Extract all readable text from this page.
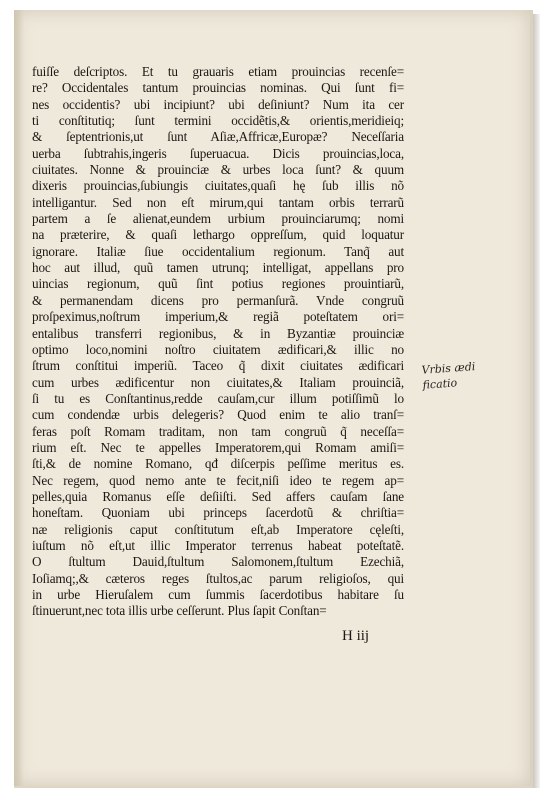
fuiſſe deſcriptos. Et tu grauaris etiam prouincias recenſe=
re? Occidentales tantum prouincias nominas. Qui ſunt fi=
nes occidentis? ubi incipiunt? ubi deſiniunt? Num ita cer
ti conſtitutiq; ſunt termini occidẽtis,& orientis,meridieiq;
& ſeptentrionis,ut ſunt Aſiæ,Affricæ,Europæ? Neceſſaria
uerba ſubtrahis,ingeris ſuperuacua. Dicis prouincias,loca,
ciuitates. Nonne & prouinciæ & urbes loca ſunt? & quum
dixeris prouincias,ſubiungis ciuitates,quaſi hę ſub illis nõ
intelligantur. Sed non eſt mirum,qui tantam orbis terrarũ
partem a ſe alienat,eundem urbium prouinciarumq; nomi
na præterire, & quaſi lethargo oppreſſum, quid loquatur
ignorare. Italiæ ſiue occidentalium regionum. Tanq̃ aut
hoc aut illud, quũ tamen utrunq; intelligat, appellans pro
uincias regionum, quũ ſint potius regiones prouintiarũ,
& permanendam dicens pro permanſurã. Vnde congruũ
proſpeximus,noſtrum imperium,& regiã poteſtatem ori=
entalibus transferri regionibus, & in Byzantiæ prouinciæ
optimo loco,nomini noſtro ciuitatem ædificari,& illic no
ſtrum conſtitui imperiũ. Taceo q̃ dixit ciuitates ædificari
cum urbes ædificentur non ciuitates,& Italiam prouinciã,
ſi tu es Conſtantinus,redde cauſam,cur illum potiſſimũ lo
cum condendæ urbis delegeris? Quod enim te alio tranſ=
feras poſt Romam traditam, non tam congruũ q̃ neceſſa=
rium eſt. Nec te appelles Imperatorem,qui Romam amiſi=
ſti,& de nomine Romano, qđ diſcerpis peſſime meritus es.
Nec regem, quod nemo ante te fecit,niſi ideo te regem ap=
pelles,quia Romanus eſſe deſiiſti. Sed affers cauſam ſane
honeſtam. Quoniam ubi princeps ſacerdotũ & chriſtia=
næ religionis caput conſtitutum eſt,ab Imperatore cęleſti,
iuſtum nõ eſt,ut illic Imperator terrenus habeat poteſtatẽ.
O ſtultum Dauid,ſtultum Salomonem,ſtultum Ezechiã,
Ioſiamq;,& cæteros reges ſtultos,ac parum religioſos, qui
in urbe Hieruſalem cum ſummis ſacerdotibus habitare ſu
ſtinuerunt,nec tota illis urbe ceſſerunt. Plus ſapit Conſtan=
Vrbis ædi
ficatio
H iij
